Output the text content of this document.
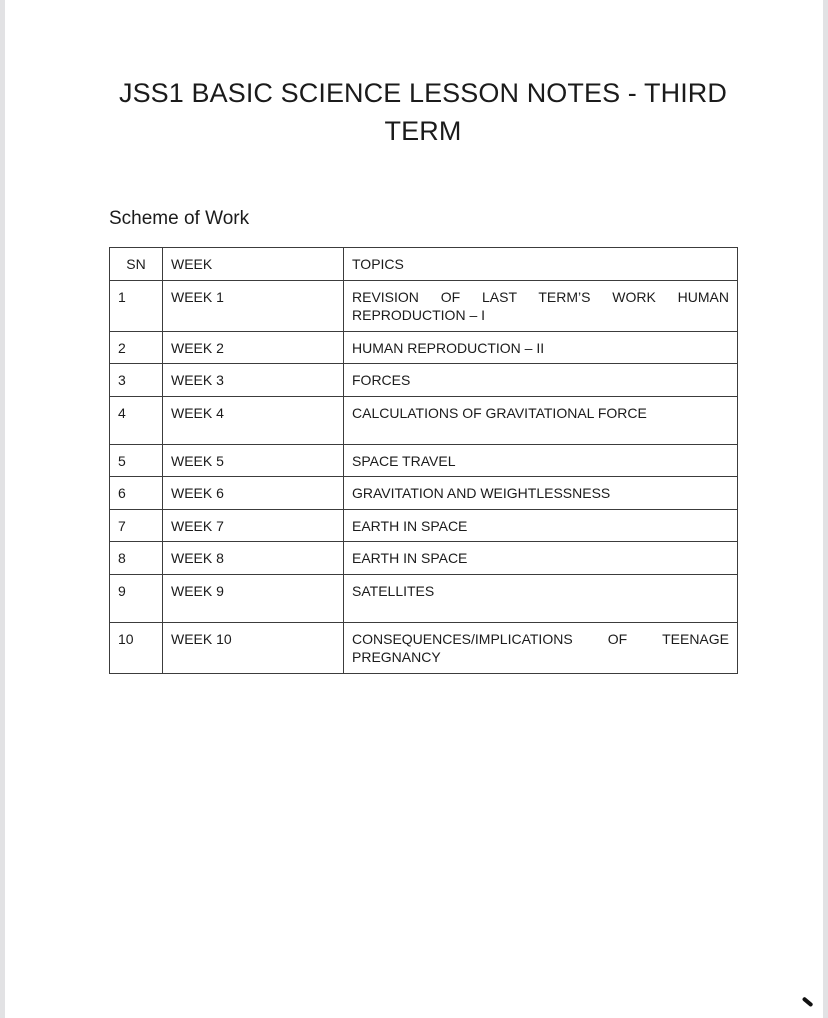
JSS1 BASIC SCIENCE LESSON NOTES - THIRD TERM
Scheme of Work
SN	WEEK	TOPICS
1	WEEK 1	REVISION OF LAST TERM’S WORK HUMAN REPRODUCTION – I
2	WEEK 2	HUMAN REPRODUCTION – II
3	WEEK 3	FORCES
4	WEEK 4	CALCULATIONS OF GRAVITATIONAL FORCE
5	WEEK 5	SPACE TRAVEL
6	WEEK 6	GRAVITATION AND WEIGHTLESSNESS
7	WEEK 7	EARTH IN SPACE
8	WEEK 8	EARTH IN SPACE
9	WEEK 9	SATELLITES
10	WEEK 10	CONSEQUENCES/IMPLICATIONS OF TEENAGE PREGNANCY
